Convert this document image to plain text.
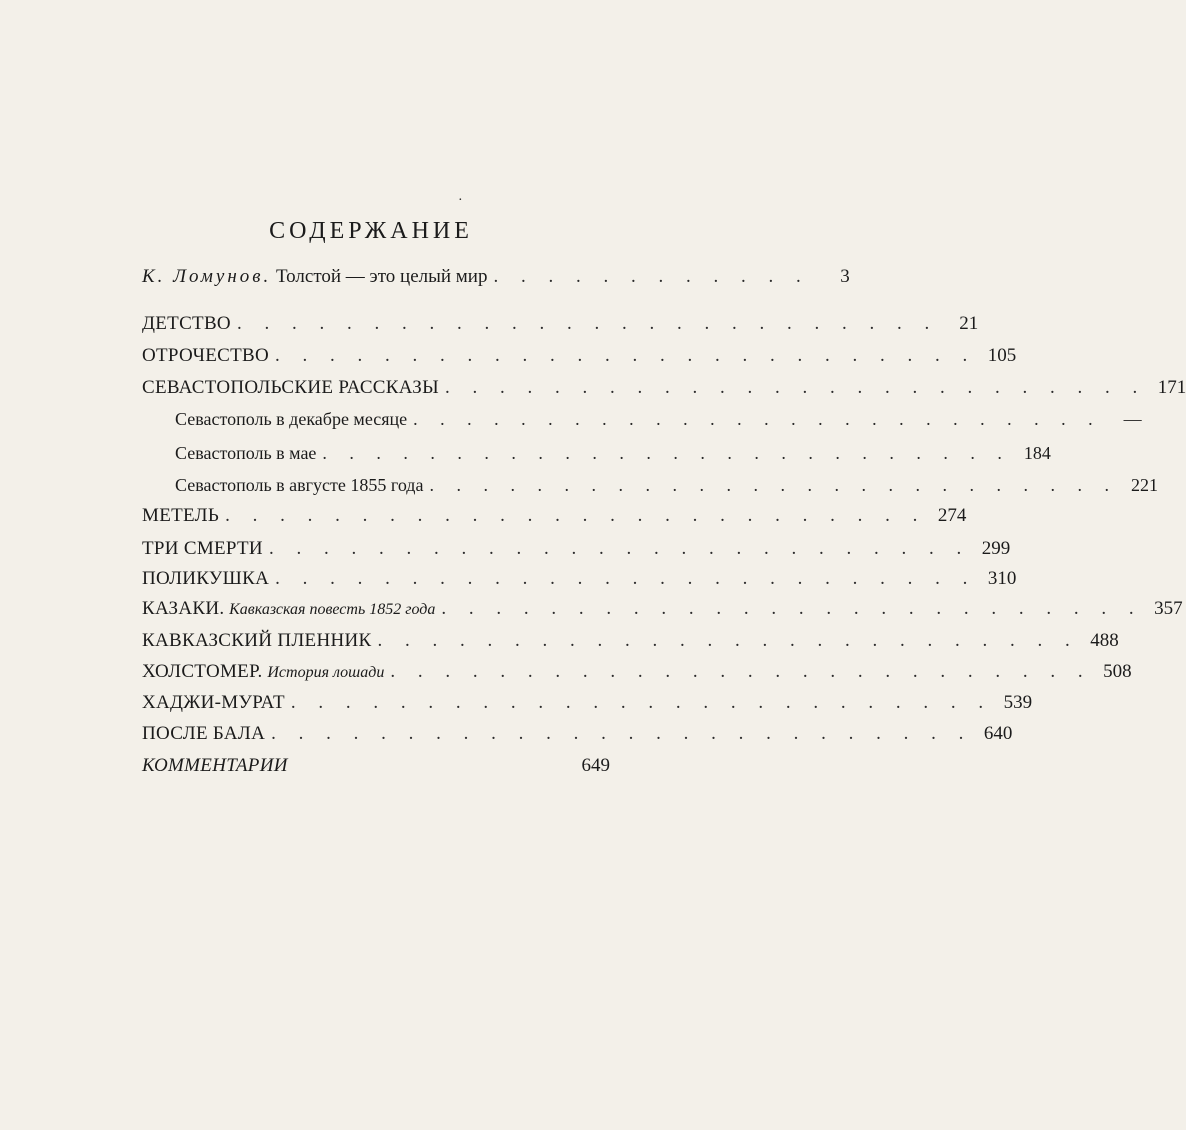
·
СОДЕРЖАНИЕ
К. Ломунов. Толстой — это целый мир . . . . . . . . . . . .	3
ДЕТСТВО . . . . . . . . . . . . . . . . . . . . . . . . . .	21
ОТРОЧЕСТВО . . . . . . . . . . . . . . . . . . . . . . . . . . 105
СЕВАСТОПОЛЬСКИЕ РАССКАЗЫ . . . . . . . . . . . . . . . . . . . . . . . . . . 171
Севастополь в декабре месяце . . . . . . . . . . . . . . . . . . . . . . . . . .	—
Севастополь в мае . . . . . . . . . . . . . . . . . . . . . . . . . . 184
Севастополь в августе 1855 года . . . . . . . . . . . . . . . . . . . . . . . . . . 221
МЕТЕЛЬ . . . . . . . . . . . . . . . . . . . . . . . . . . 274
ТРИ СМЕРТИ . . . . . . . . . . . . . . . . . . . . . . . . . . 299
ПОЛИКУШКА . . . . . . . . . . . . . . . . . . . . . . . . . . 310
КАЗАКИ. Кавказская повесть 1852 года . . . . . . . . . . . . . . . . . . . . . . . . . . 357
КАВКАЗСКИЙ ПЛЕННИК . . . . . . . . . . . . . . . . . . . . . . . . . . 488
ХОЛСТОМЕР. История лошади . . . . . . . . . . . . . . . . . . . . . . . . . . 508
ХАДЖИ-МУРАТ . . . . . . . . . . . . . . . . . . . . . . . . . . 539
ПОСЛЕ БАЛА . . . . . . . . . . . . . . . . . . . . . . . . . . 640
КОММЕНТАРИИ	649
